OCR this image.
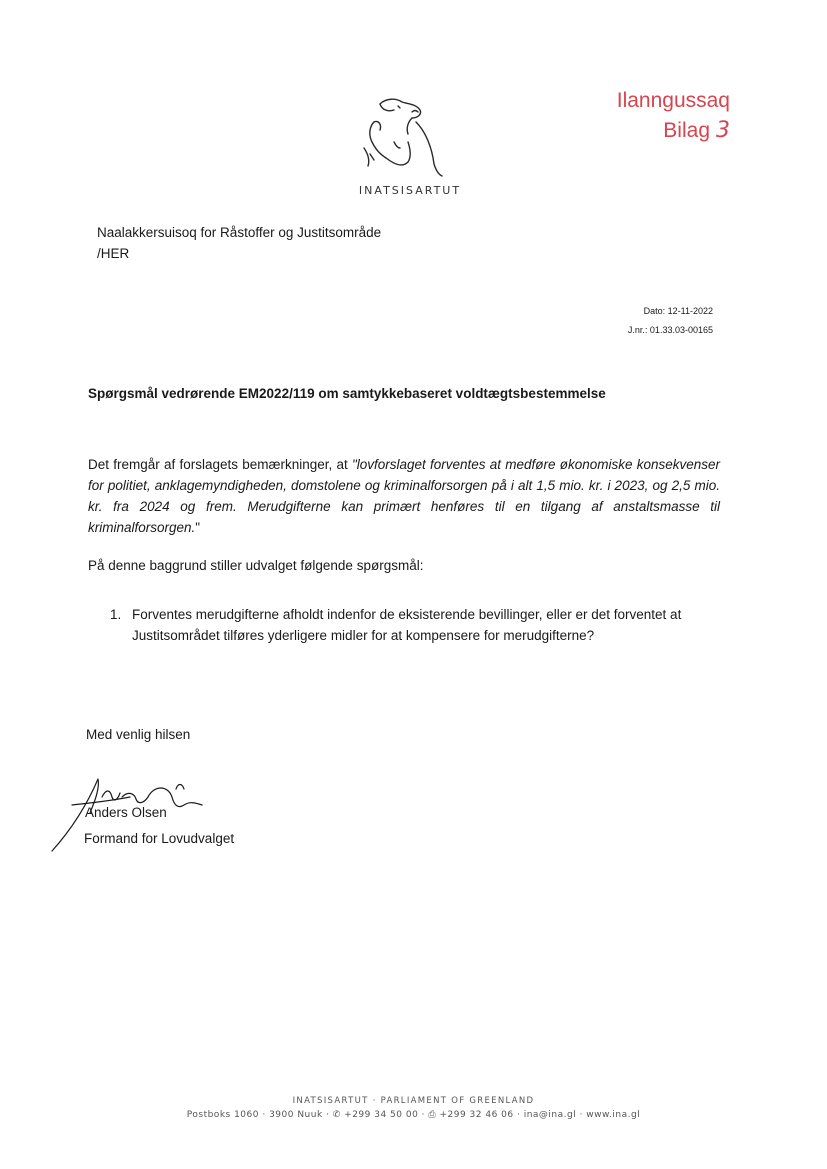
INATSISARTUT
Ilanngussaq
Bilag 3
Naalakkersuisoq for Råstoffer og Justitsområde
/HER
Dato: 12-11-2022
J.nr.: 01.33.03-00165
Spørgsmål vedrørende EM2022/119 om samtykkebaseret voldtægtsbestemmelse
Det fremgår af forslagets bemærkninger, at "lovforslaget forventes at medføre økonomiske konsekvenser for politiet, anklagemyndigheden, domstolene og kriminalforsorgen på i alt 1,5 mio. kr. i 2023, og 2,5 mio. kr. fra 2024 og frem. Merudgifterne kan primært henføres til en tilgang af anstaltsmasse til kriminalforsorgen."
På denne baggrund stiller udvalget følgende spørgsmål:
1. Forventes merudgifterne afholdt indenfor de eksisterende bevillinger, eller er det forventet at Justitsområdet tilføres yderligere midler for at kompensere for merudgifterne?
Med venlig hilsen
Anders Olsen
Formand for Lovudvalget
INATSISARTUT · PARLIAMENT OF GREENLAND
Postboks 1060 · 3900 Nuuk · ✆ +299 34 50 00 · ⎙ +299 32 46 06 · ina@ina.gl · www.ina.gl
